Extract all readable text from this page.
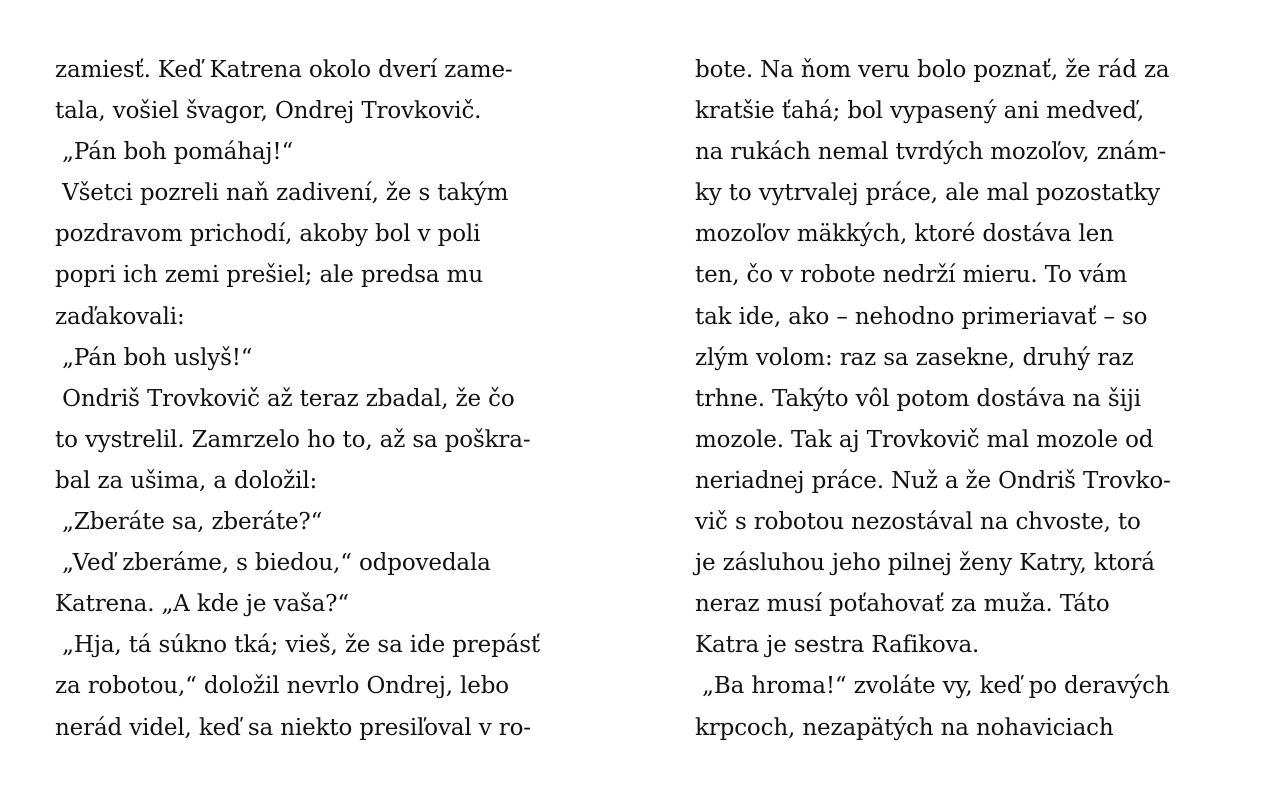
zamiesť. Keď Katrena okolo dverí zame-
tala, vošiel švagor, Ondrej Trovkovič.
„Pán boh pomáhaj!“
Všetci pozreli naň zadivení, že s takým
pozdravom prichodí, akoby bol v poli
popri ich zemi prešiel; ale predsa mu
zaďakovali:
„Pán boh uslyš!“
Ondriš Trovkovič až teraz zbadal, že čo
to vystrelil. Zamrzelo ho to, až sa poškra-
bal za ušima, a doložil:
„Zberáte sa, zberáte?“
„Veď zberáme, s biedou,“ odpovedala
Katrena. „A kde je vaša?“
„Hja, tá súkno tká; vieš, že sa ide prepásť
za robotou,“ doložil nevrlo Ondrej, lebo
nerád videl, keď sa niekto presiľoval v ro-
bote. Na ňom veru bolo poznať, že rád za
kratšie ťahá; bol vypasený ani medveď,
na rukách nemal tvrdých mozoľov, znám-
ky to vytrvalej práce, ale mal pozostatky
mozoľov mäkkých, ktoré dostáva len
ten, čo v robote nedrží mieru. To vám
tak ide, ako – nehodno primeriavať – so
zlým volom: raz sa zasekne, druhý raz
trhne. Takýto vôl potom dostáva na šiji
mozole. Tak aj Trovkovič mal mozole od
neriadnej práce. Nuž a že Ondriš Trovko-
vič s robotou nezostával na chvoste, to
je zásluhou jeho pilnej ženy Katry, ktorá
neraz musí poťahovať za muža. Táto
Katra je sestra Rafikova.
„Ba hroma!“ zvoláte vy, keď po deravých
krpcoch, nezapätých na nohaviciach
